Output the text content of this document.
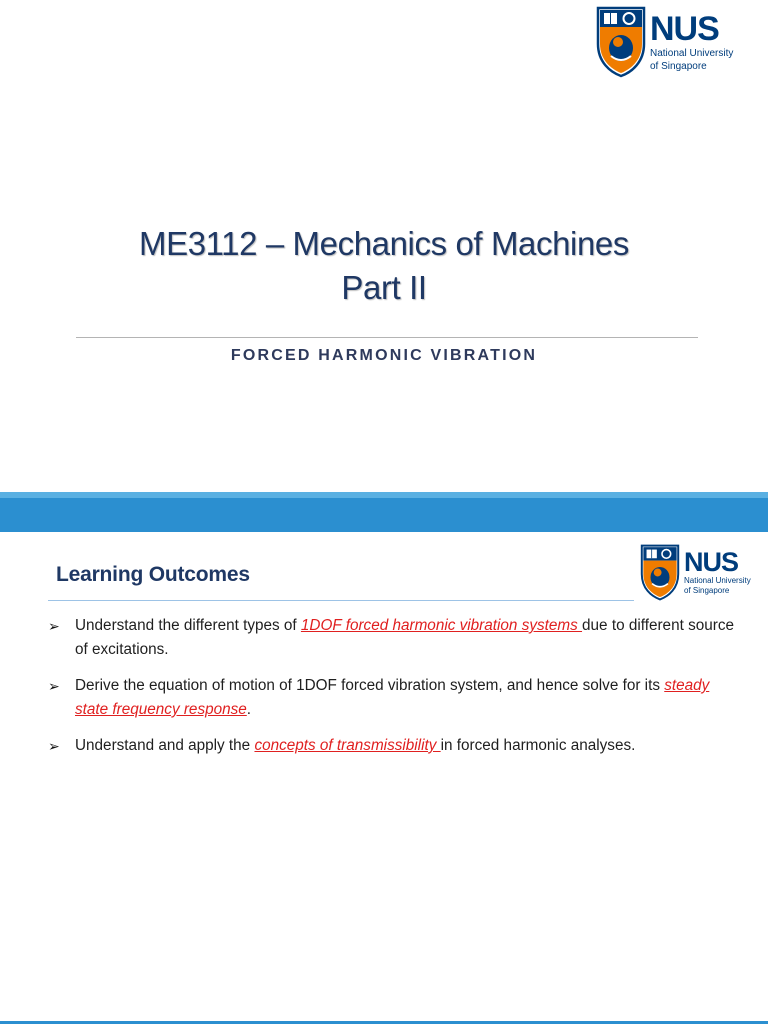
NUS
National University
of Singapore
ME3112 – Mechanics of Machines
Part II
FORCED HARMONIC VIBRATION
NUS
National University
of Singapore
Learning Outcomes
➢ Understand the different types of 1DOF forced harmonic vibration systems due to different source of excitations.
➢ Derive the equation of motion of 1DOF forced vibration system, and hence solve for its steady state frequency response.
➢ Understand and apply the concepts of transmissibility in forced harmonic analyses.
